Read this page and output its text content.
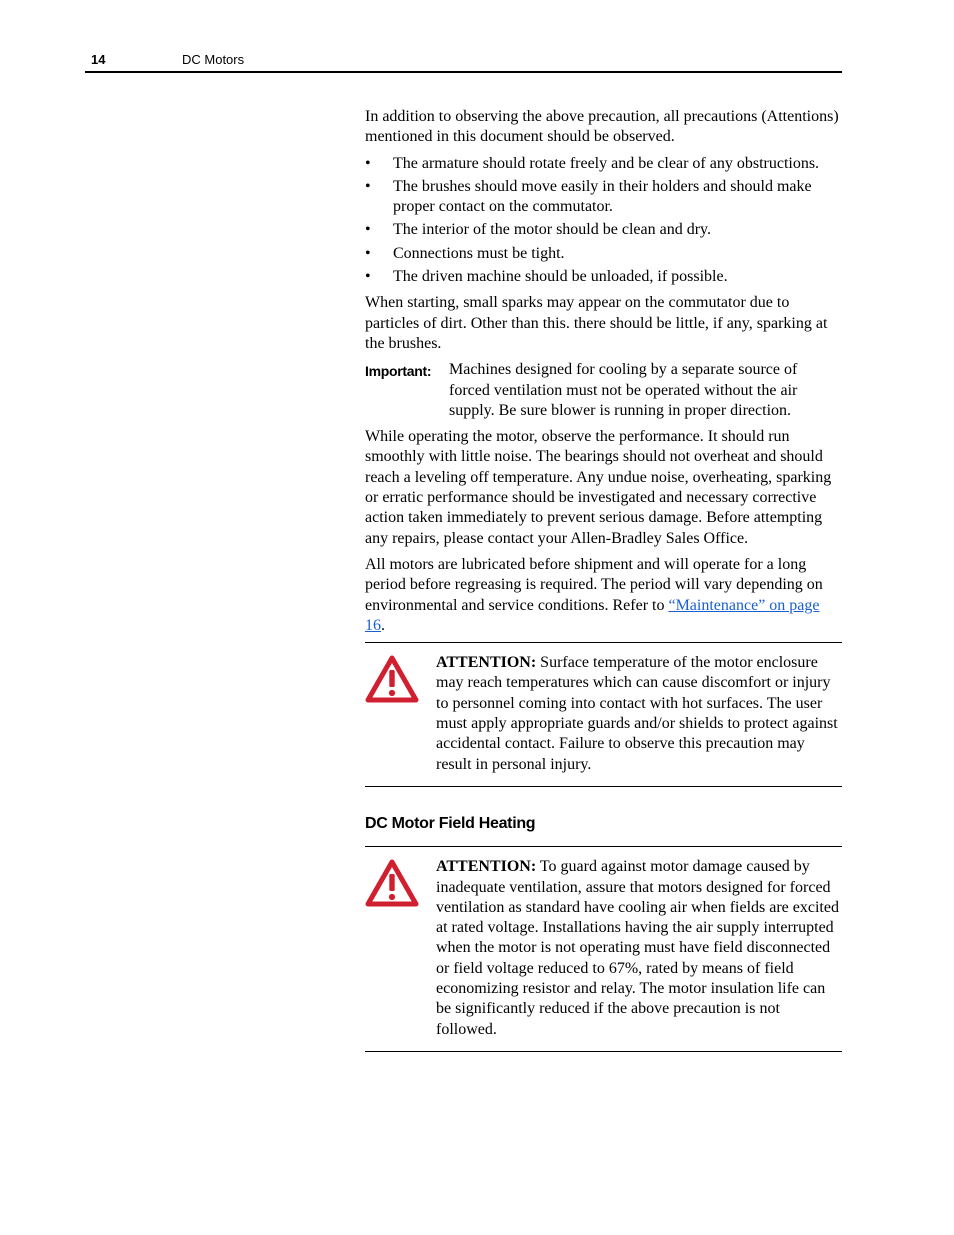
14	DC Motors

In addition to observing the above precaution, all precautions (Attentions) mentioned in this document should be observed.

• The armature should rotate freely and be clear of any obstructions.
• The brushes should move easily in their holders and should make proper contact on the commutator.
• The interior of the motor should be clean and dry.
• Connections must be tight.
• The driven machine should be unloaded, if possible.

When starting, small sparks may appear on the commutator due to particles of dirt. Other than this. there should be little, if any, sparking at the brushes.

Important:	Machines designed for cooling by a separate source of forced ventilation must not be operated without the air supply. Be sure blower is running in proper direction.

While operating the motor, observe the performance. It should run smoothly with little noise. The bearings should not overheat and should reach a leveling off temperature. Any undue noise, overheating, sparking or erratic performance should be investigated and necessary corrective action taken immediately to prevent serious damage. Before attempting any repairs, please contact your Allen-Bradley Sales Office.

All motors are lubricated before shipment and will operate for a long period before regreasing is required. The period will vary depending on environmental and service conditions. Refer to “Maintenance” on page 16.

ATTENTION: Surface temperature of the motor enclosure may reach temperatures which can cause discomfort or injury to personnel coming into contact with hot surfaces. The user must apply appropriate guards and/or shields to protect against accidental contact. Failure to observe this precaution may result in personal injury.
DC Motor Field Heating
ATTENTION: To guard against motor damage caused by inadequate ventilation, assure that motors designed for forced ventilation as standard have cooling air when fields are excited at rated voltage. Installations having the air supply interrupted when the motor is not operating must have field disconnected or field voltage reduced to 67%, rated by means of field economizing resistor and relay. The motor insulation life can be significantly reduced if the above precaution is not followed.
